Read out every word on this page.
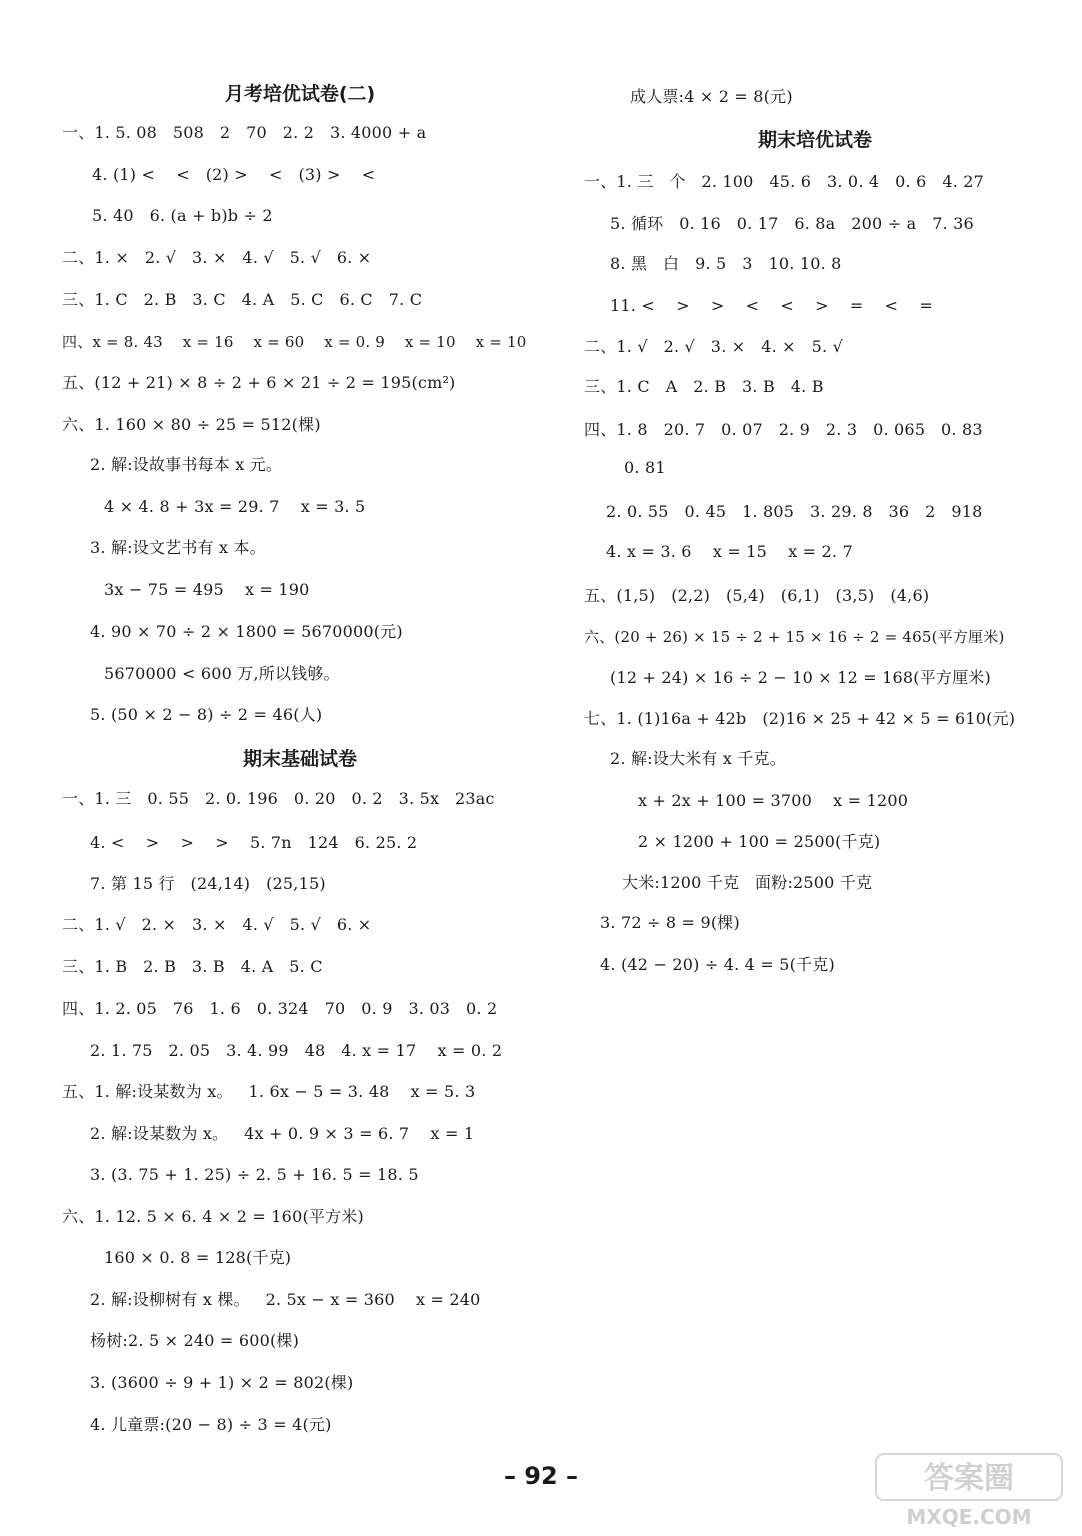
月考培优试卷(二)
一、1. 5. 08   508   2   70   2. 2   3. 4000 + a
4. (1) <    <   (2) >    <   (3) >    <
5. 40   6. (a + b)b ÷ 2
二、1. ×   2. √   3. ×   4. √   5. √   6. ×
三、1. C   2. B   3. C   4. A   5. C   6. C   7. C
四、x = 8. 43    x = 16    x = 60    x = 0. 9    x = 10    x = 10
五、(12 + 21) × 8 ÷ 2 + 6 × 21 ÷ 2 = 195(cm²)
六、1. 160 × 80 ÷ 25 = 512(棵)
2. 解:设故事书每本 x 元。
4 × 4. 8 + 3x = 29. 7    x = 3. 5
3. 解:设文艺书有 x 本。
3x − 75 = 495    x = 190
4. 90 × 70 ÷ 2 × 1800 = 5670000(元)
5670000 < 600 万,所以钱够。
5. (50 × 2 − 8) ÷ 2 = 46(人)
期末基础试卷
一、1. 三   0. 55   2. 0. 196   0. 20   0. 2   3. 5x   23ac
4. <    >    >    >    5. 7n   124   6. 25. 2
7. 第 15 行   (24,14)   (25,15)
二、1. √   2. ×   3. ×   4. √   5. √   6. ×
三、1. B   2. B   3. B   4. A   5. C
四、1. 2. 05   76   1. 6   0. 324   70   0. 9   3. 03   0. 2
2. 1. 75   2. 05   3. 4. 99   48   4. x = 17    x = 0. 2
五、1. 解:设某数为 x。   1. 6x − 5 = 3. 48    x = 5. 3
2. 解:设某数为 x。   4x + 0. 9 × 3 = 6. 7    x = 1
3. (3. 75 + 1. 25) ÷ 2. 5 + 16. 5 = 18. 5
六、1. 12. 5 × 6. 4 × 2 = 160(平方米)
160 × 0. 8 = 128(千克)
2. 解:设柳树有 x 棵。   2. 5x − x = 360    x = 240
杨树:2. 5 × 240 = 600(棵)
3. (3600 ÷ 9 + 1) × 2 = 802(棵)
4. 儿童票:(20 − 8) ÷ 3 = 4(元)
成人票:4 × 2 = 8(元)
期末培优试卷
一、1. 三   个   2. 100   45. 6   3. 0. 4   0. 6   4. 27
5. 循环   0. 16   0. 17   6. 8a   200 ÷ a   7. 36
8. 黑   白   9. 5   3   10. 10. 8
11. <    >    >    <    <    >    =    <    =
二、1. √   2. √   3. ×   4. ×   5. √
三、1. C   A   2. B   3. B   4. B
四、1. 8   20. 7   0. 07   2. 9   2. 3   0. 065   0. 83
0. 81
2. 0. 55   0. 45   1. 805   3. 29. 8   36   2   918
4. x = 3. 6    x = 15    x = 2. 7
五、(1,5)   (2,2)   (5,4)   (6,1)   (3,5)   (4,6)
六、(20 + 26) × 15 ÷ 2 + 15 × 16 ÷ 2 = 465(平方厘米)
(12 + 24) × 16 ÷ 2 − 10 × 12 = 168(平方厘米)
七、1. (1)16a + 42b   (2)16 × 25 + 42 × 5 = 610(元)
2. 解:设大米有 x 千克。
x + 2x + 100 = 3700    x = 1200
2 × 1200 + 100 = 2500(千克)
大米:1200 千克   面粉:2500 千克
3. 72 ÷ 8 = 9(棵)
4. (42 − 20) ÷ 4. 4 = 5(千克)
– 92 –	答案圈
MXQE.COM
